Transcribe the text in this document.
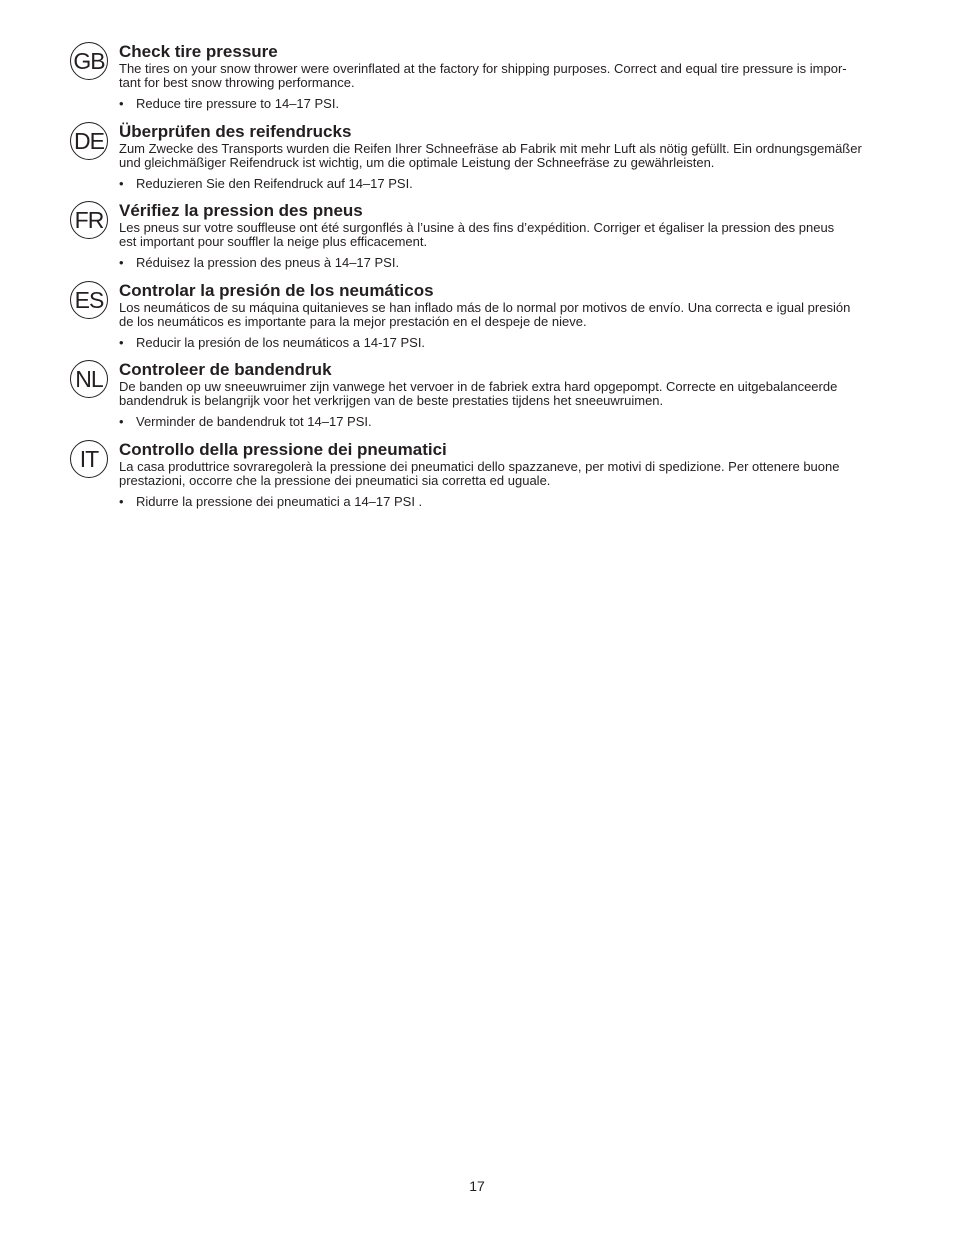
GB Check tire pressure
The tires on your snow thrower were overinflated at the factory for shipping purposes. Correct and equal tire pressure is impor-
tant for best snow throwing performance.
• Reduce tire pressure to 14–17 PSI.
DE Überprüfen des reifendrucks
Zum Zwecke des Transports wurden die Reifen Ihrer Schneefräse ab Fabrik mit mehr Luft als nötig gefüllt. Ein ordnungsgemäßer
und gleichmäßiger Reifendruck ist wichtig, um die optimale Leistung der Schneefräse zu gewährleisten.
• Reduzieren Sie den Reifendruck auf 14–17 PSI.
FR Vérifiez la pression des pneus
Les pneus sur votre souffleuse ont été surgonflés à l’usine à des fins d’expédition. Corriger et égaliser la pression des pneus
est important pour souffler la neige plus efficacement.
• Réduisez la pression des pneus à 14–17 PSI.
ES Controlar la presión de los neumáticos
Los neumáticos de su máquina quitanieves se han inflado más de lo normal por motivos de envío. Una correcta e igual presión
de los neumáticos es importante para la mejor prestación en el despeje de nieve.
• Reducir la presión de los neumáticos a 14-17 PSI.
NL Controleer de bandendruk
De banden op uw sneeuwruimer zijn vanwege het vervoer in de fabriek extra hard opgepompt. Correcte en uitgebalanceerde
bandendruk is belangrijk voor het verkrijgen van de beste prestaties tijdens het sneeuwruimen.
• Verminder de bandendruk tot 14–17 PSI.
IT	Controllo della pressione dei pneumatici
La casa produttrice sovraregolerà la pressione dei pneumatici dello spazzaneve, per motivi di spedizione. Per ottenere buone
prestazioni, occorre che la pressione dei pneumatici sia corretta ed uguale.
• Ridurre la pressione dei pneumatici a 14–17 PSI .
17
